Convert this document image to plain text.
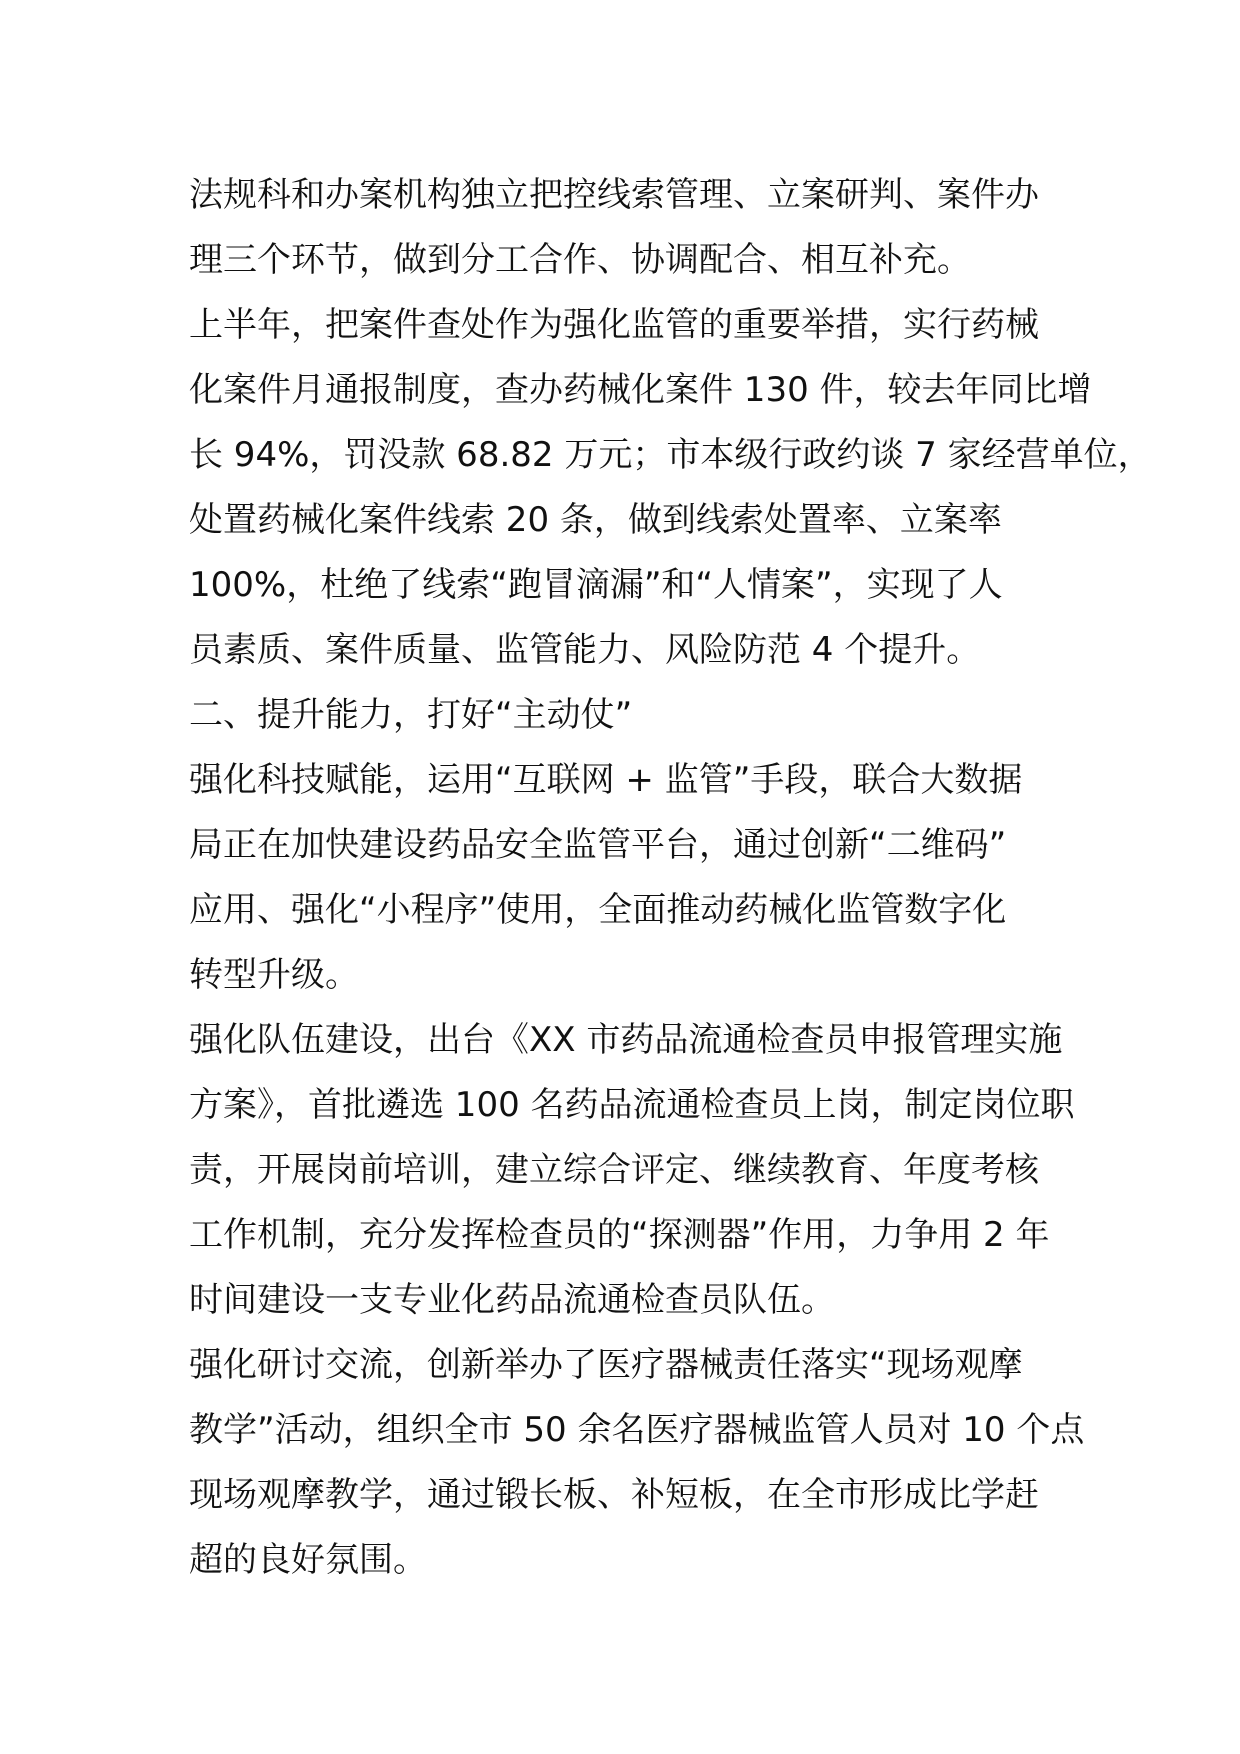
法规科和办案机构独立把控线索管理、立案研判、案件办
理三个环节，做到分工合作、协调配合、相互补充。
上半年，把案件查处作为强化监管的重要举措，实行药械
化案件月通报制度，查办药械化案件 130 件，较去年同比增
长 94%，罚没款 68.82 万元；市本级行政约谈 7 家经营单位，
处置药械化案件线索 20 条，做到线索处置率、立案率
100%，杜绝了线索“跑冒滴漏”和“人情案”，实现了人
员素质、案件质量、监管能力、风险防范 4 个提升。
二、提升能力，打好“主动仗”
强化科技赋能，运用“互联网 + 监管”手段，联合大数据
局正在加快建设药品安全监管平台，通过创新“二维码”
应用、强化“小程序”使用，全面推动药械化监管数字化
转型升级。
强化队伍建设，出台《XX 市药品流通检查员申报管理实施
方案》，首批遴选 100 名药品流通检查员上岗，制定岗位职
责，开展岗前培训，建立综合评定、继续教育、年度考核
工作机制，充分发挥检查员的“探测器”作用，力争用 2 年
时间建设一支专业化药品流通检查员队伍。
强化研讨交流，创新举办了医疗器械责任落实“现场观摩
教学”活动，组织全市 50 余名医疗器械监管人员对 10 个点
现场观摩教学，通过锻长板、补短板，在全市形成比学赶
超的良好氛围。
